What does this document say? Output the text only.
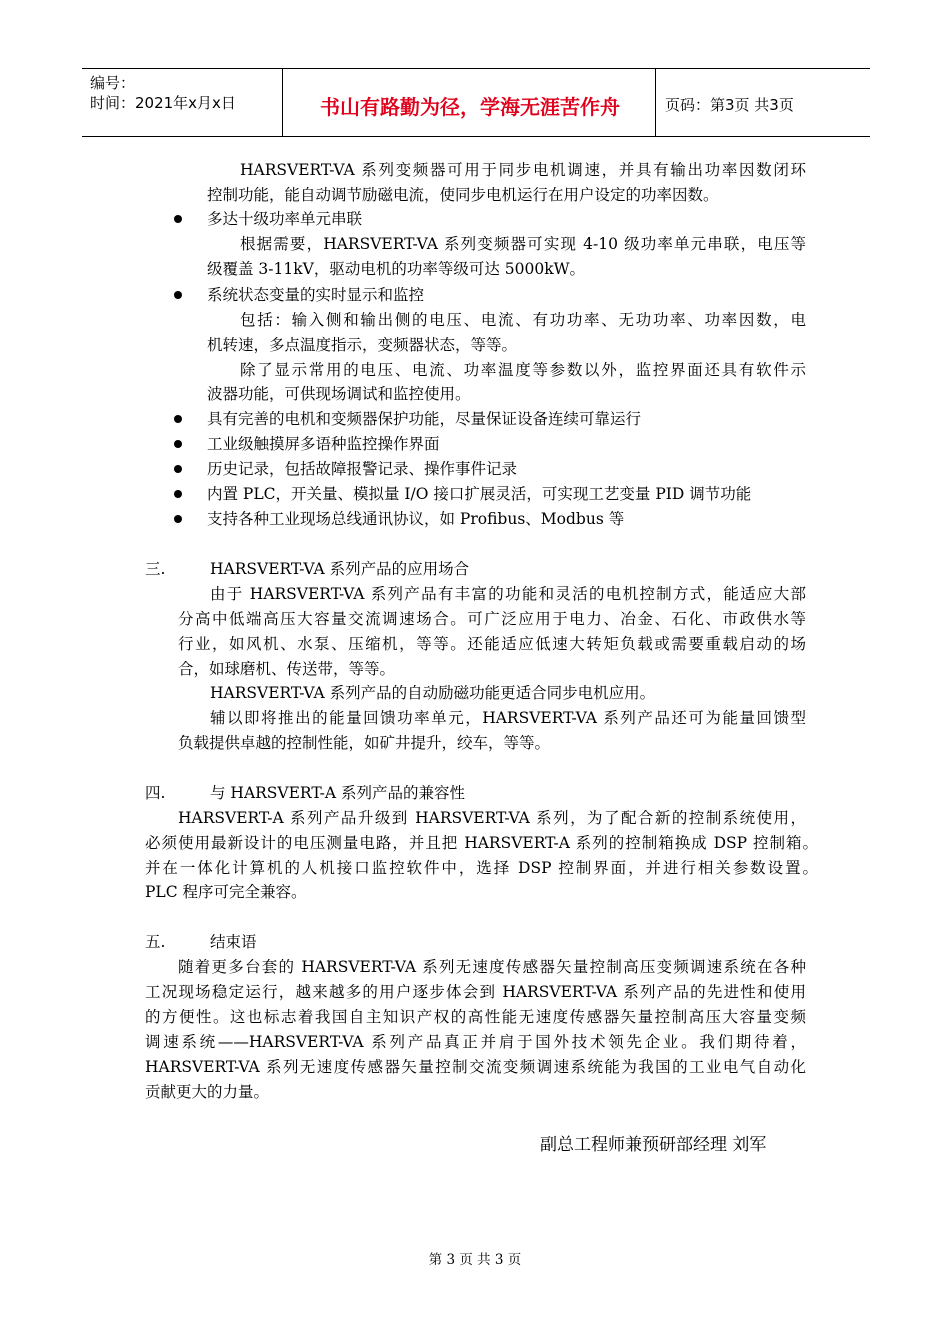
编号：
时间：2021年x月x日	书山有路勤为径，学海无涯苦作舟	页码：第3页 共3页
HARSVERT-VA 系列变频器可用于同步电机调速，并具有输出功率因数闭环
控制功能，能自动调节励磁电流，使同步电机运行在用户设定的功率因数。
多达十级功率单元串联
根据需要，HARSVERT-VA 系列变频器可实现 4-10 级功率单元串联，电压等
级覆盖 3-11kV，驱动电机的功率等级可达 5000kW。
系统状态变量的实时显示和监控
包括：输入侧和输出侧的电压、电流、有功功率、无功功率、功率因数，电
机转速，多点温度指示，变频器状态，等等。
除了显示常用的电压、电流、功率温度等参数以外，监控界面还具有软件示
波器功能，可供现场调试和监控使用。
具有完善的电机和变频器保护功能，尽量保证设备连续可靠运行
工业级触摸屏多语种监控操作界面
历史记录，包括故障报警记录、操作事件记录
内置 PLC，开关量、模拟量 I/O 接口扩展灵活，可实现工艺变量 PID 调节功能
支持各种工业现场总线通讯协议，如 Profibus、Modbus 等
三.	HARSVERT-VA 系列产品的应用场合
由于 HARSVERT-VA 系列产品有丰富的功能和灵活的电机控制方式，能适应大部
分高中低端高压大容量交流调速场合。可广泛应用于电力、冶金、石化、市政供水等
行业，如风机、水泵、压缩机，等等。还能适应低速大转矩负载或需要重载启动的场
合，如球磨机、传送带，等等。
HARSVERT-VA 系列产品的自动励磁功能更适合同步电机应用。
辅以即将推出的能量回馈功率单元，HARSVERT-VA 系列产品还可为能量回馈型
负载提供卓越的控制性能，如矿井提升，绞车，等等。
四.	与 HARSVERT-A 系列产品的兼容性
HARSVERT-A 系列产品升级到 HARSVERT-VA 系列，为了配合新的控制系统使用，
必须使用最新设计的电压测量电路，并且把 HARSVERT-A 系列的控制箱换成 DSP 控制箱。
并在一体化计算机的人机接口监控软件中，选择 DSP 控制界面，并进行相关参数设置。
PLC 程序可完全兼容。
五.	结束语
随着更多台套的 HARSVERT-VA 系列无速度传感器矢量控制高压变频调速系统在各种
工况现场稳定运行，越来越多的用户逐步体会到 HARSVERT-VA 系列产品的先进性和使用
的方便性。这也标志着我国自主知识产权的高性能无速度传感器矢量控制高压大容量变频
调速系统——HARSVERT-VA 系列产品真正并肩于国外技术领先企业。我们期待着，
HARSVERT-VA 系列无速度传感器矢量控制交流变频调速系统能为我国的工业电气自动化
贡献更大的力量。
副总工程师兼预研部经理 刘军
第 3 页 共 3 页
